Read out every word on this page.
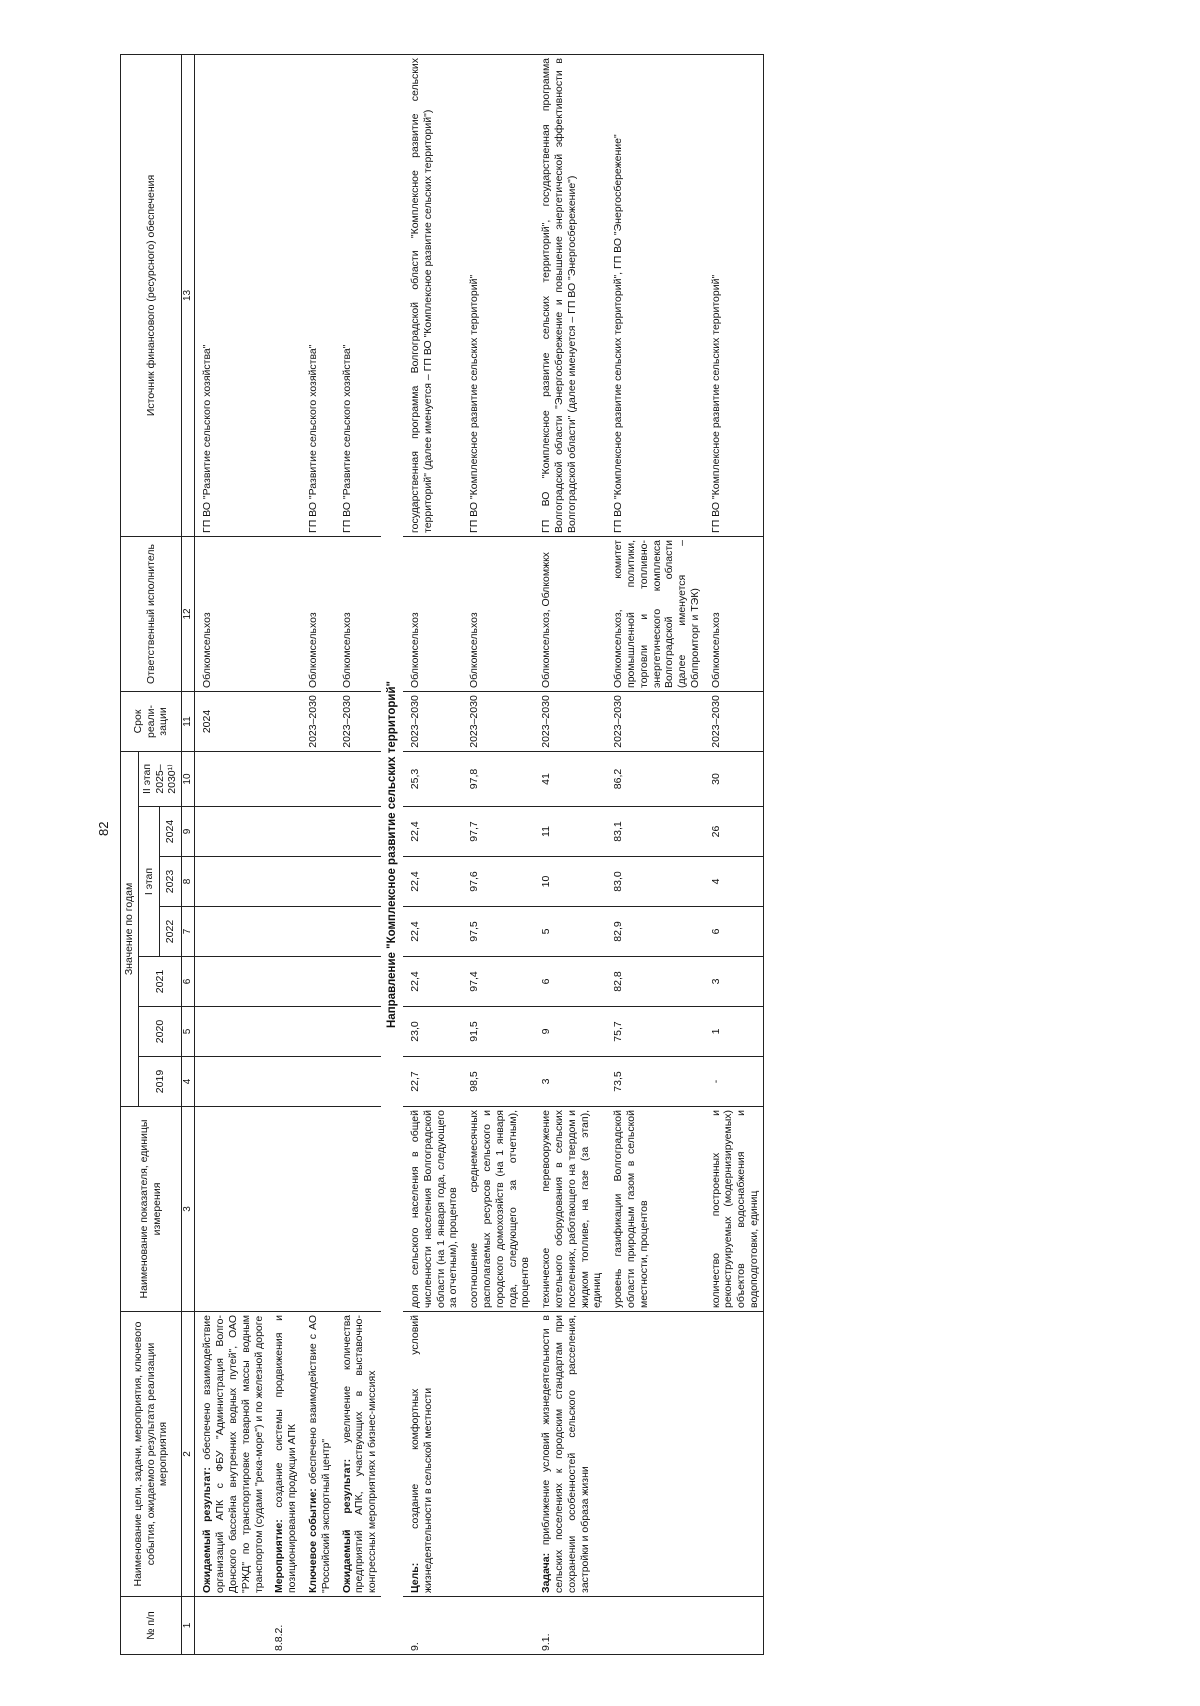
82
№ п/п	Наименование цели, задачи, мероприятия, ключевого события, ожидаемого результата реализации мероприятия	Наименование показателя, единицы измерения	Значение по годам							Срок реали-зации	Ответственный исполнитель	Источник финансового (ресурсного) обеспечения
			2019	2020	2021	I этап			II этап 2025–2030¹⁾			
						2022	2023	2024				
1	2	3	4	5	6	7	8	9	10	11	12	13
	Ожидаемый результат: обеспечено взаимодействие организаций АПК с ФБУ "Администрация Волго-Донского бассейна внутренних водных путей", ОАО "РЖД" по транспортировке товарной массы водным транспортом (судами "река-море") и по железной дороге									2024	Облкомсельхоз	ГП ВО "Развитие сельского хозяйства"
8.8.2.	Мероприятие: создание системы продвижения и позиционирования продукции АПК											
	Ключевое событие: обеспечено взаимодействие с АО "Российский экспортный центр"									2023–2030	Облкомсельхоз	ГП ВО "Развитие сельского хозяйства"
	Ожидаемый результат: увеличение количества предприятий АПК, участвующих в выставочно-конгрессных мероприятиях и бизнес-миссиях									2023–2030	Облкомсельхоз	ГП ВО "Развитие сельского хозяйства"
Направление "Комплексное развитие сельских территорий"												
9.	Цель: создание комфортных условий жизнедеятельности в сельской местности	доля сельского населения в общей численности населения Волгоградской области (на 1 января года, следующего за отчетным), процентов	22,7	23,0	22,4	22,4	22,4	22,4	25,3	2023–2030	Облкомсельхоз	государственная программа Волгоградской области "Комплексное развитие сельских территорий" (далее именуется – ГП ВО "Комплексное развитие сельских территорий")
		соотношение среднемесячных располагаемых ресурсов сельского и городского домохозяйств (на 1 января года, следующего за отчетным), процентов	98,5	91,5	97,4	97,5	97,6	97,7	97,8	2023–2030	Облкомсельхоз	ГП ВО "Комплексное развитие сельских территорий"
9.1.	Задача: приближение условий жизнедеятельности в сельских поселениях к городским стандартам при сохранении особенностей сельского расселения, застройки и образа жизни	техническое перевооружение котельного оборудования в сельских поселениях, работающего на твердом и жидком топливе, на газе (за этап), единиц	3	9	6	5	10	11	41	2023–2030	Облкомсельхоз, Облкомжкх	ГП ВО "Комплексное развитие сельских территорий", государственная программа Волгоградской области "Энергосбережение и повышение энергетической эффективности в Волгоградской области" (далее именуется – ГП ВО "Энергосбережение")
		уровень газификации Волгоградской области природным газом в сельской местности, процентов	73,5	75,7	82,8	82,9	83,0	83,1	86,2	2023–2030	Облкомсельхоз, комитет промышленной политики, торговли и топливно-энергетического комплекса Волгоградской области (далее именуется – Облпромторг и ТЭК)	ГП ВО "Комплексное развитие сельских территорий", ГП ВО "Энергосбережение"
		количество построенных и реконструируемых (модернизируемых) объектов водоснабжения и водоподготовки, единиц	-	1	3	6	4	26	30	2023–2030	Облкомсельхоз	ГП ВО "Комплексное развитие сельских территорий"
